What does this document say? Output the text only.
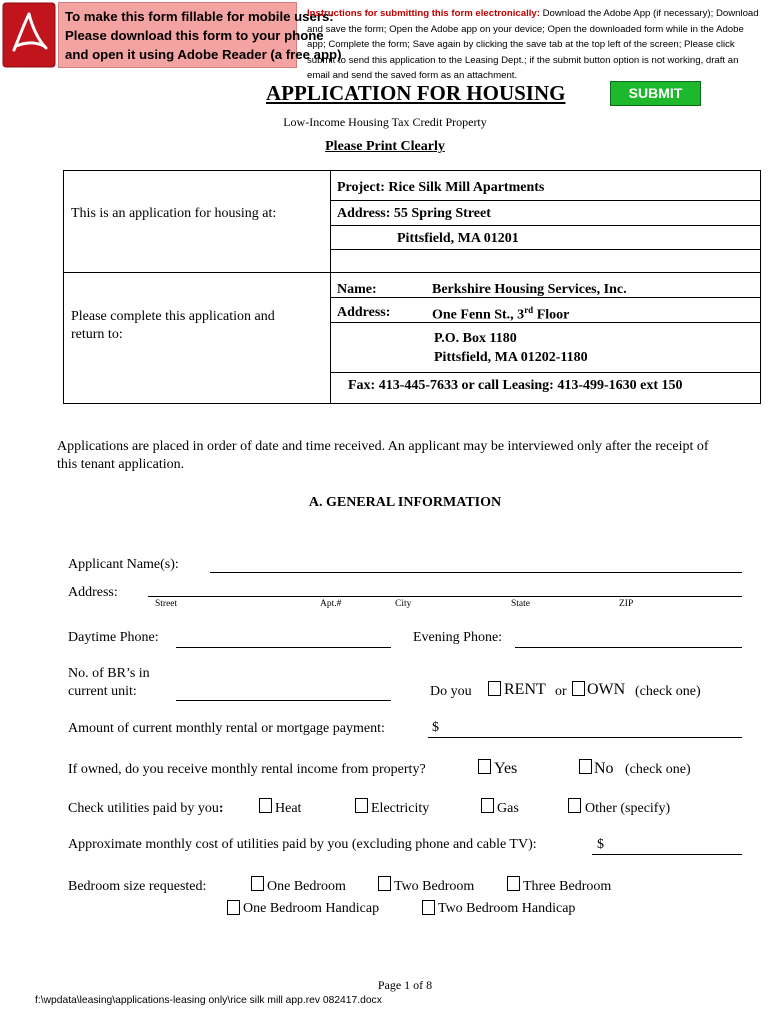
To make this form fillable for mobile users:
Please download this form to your phone
and open it using Adobe Reader (a free app)
Instructions for submitting this form electronically: Download the Adobe App (if necessary); Download and save the form; Open the Adobe app on your device; Open the downloaded form while in the Adobe app; Complete the form; Save again by clicking the save tab at the top left of the screen; Please click submit to send this application to the Leasing Dept.; if the submit button option is not working, draft an email and send the saved form as an attachment.
APPLICATION FOR HOUSING	SUBMIT
Low-Income Housing Tax Credit Property
Please Print Clearly
This is an application for housing at:
Project: Rice Silk Mill Apartments
Address: 55 Spring Street
Pittsfield, MA 01201
Please complete this application and return to:
Name:	Berkshire Housing Services, Inc.
Address:	One Fenn St., 3rd Floor
P.O. Box 1180
Pittsfield, MA 01202-1180
Fax: 413-445-7633 or call Leasing: 413-499-1630 ext 150
Applications are placed in order of date and time received. An applicant may be interviewed only after the receipt of this tenant application.
A. GENERAL INFORMATION
Applicant Name(s):
Address:
Street	Apt.#	City	State	ZIP
Daytime Phone:	Evening Phone:
No. of BR’s in
current unit:	Do you RENT or OWN (check one)
Amount of current monthly rental or mortgage payment:	$
If owned, do you receive monthly rental income from property?	Yes	No (check one)
Check utilities paid by you:	Heat	Electricity	Gas	Other (specify)
Approximate monthly cost of utilities paid by you (excluding phone and cable TV):	$
Bedroom size requested:	One Bedroom	Two Bedroom	Three Bedroom
One Bedroom Handicap	Two Bedroom Handicap
Page 1 of 8
f:\wpdata\leasing\applications-leasing only\rice silk mill app.rev 082417.docx
